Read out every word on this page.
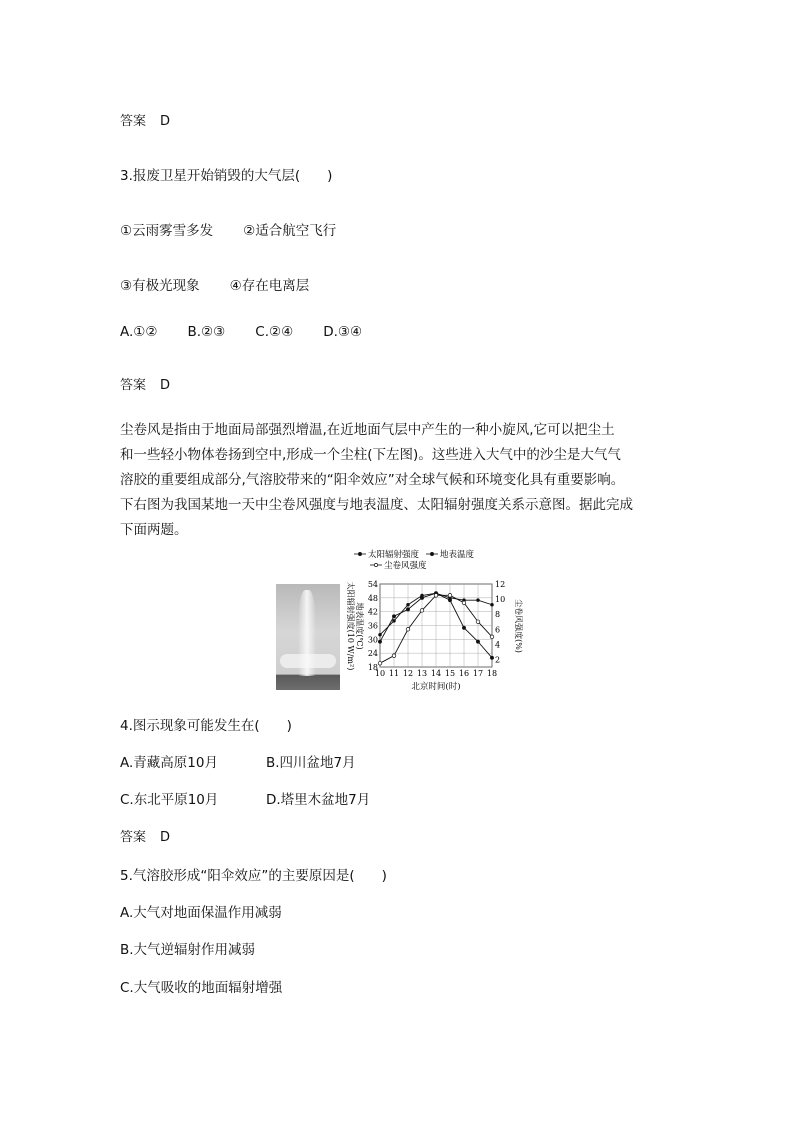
答案 D
3.报废卫星开始销毁的大气层(　　)
①云雨雾雪多发 ②适合航空飞行
③有极光现象 ④存在电离层
A.①② B.②③ C.②④ D.③④
答案 D
尘卷风是指由于地面局部强烈增温,在近地面气层中产生的一种小旋风,它可以把尘土
和一些轻小物体卷扬到空中,形成一个尘柱(下左图)。这些进入大气中的沙尘是大气气
溶胶的重要组成部分,气溶胶带来的“阳伞效应”对全球气候和环境变化具有重要影响。
下右图为我国某地一天中尘卷风强度与地表温度、太阳辐射强度关系示意图。据此完成
下面两题。
太阳辐射强度 地表温度
尘卷风强度
10 11 12 13 14 15 16 17 18
54
48
42
36
30
24
18
12
10
8
6
4
2
太阳辐射强度(10 W/m²) 地表温度(℃)	尘卷风强度(%)
北京时间(时)
4.图示现象可能发生在(　　)
A.青藏高原10月	B.四川盆地7月
C.东北平原10月	D.塔里木盆地7月
答案 D
5.气溶胶形成“阳伞效应”的主要原因是(　　)
A.大气对地面保温作用减弱
B.大气逆辐射作用减弱
C.大气吸收的地面辐射增强
